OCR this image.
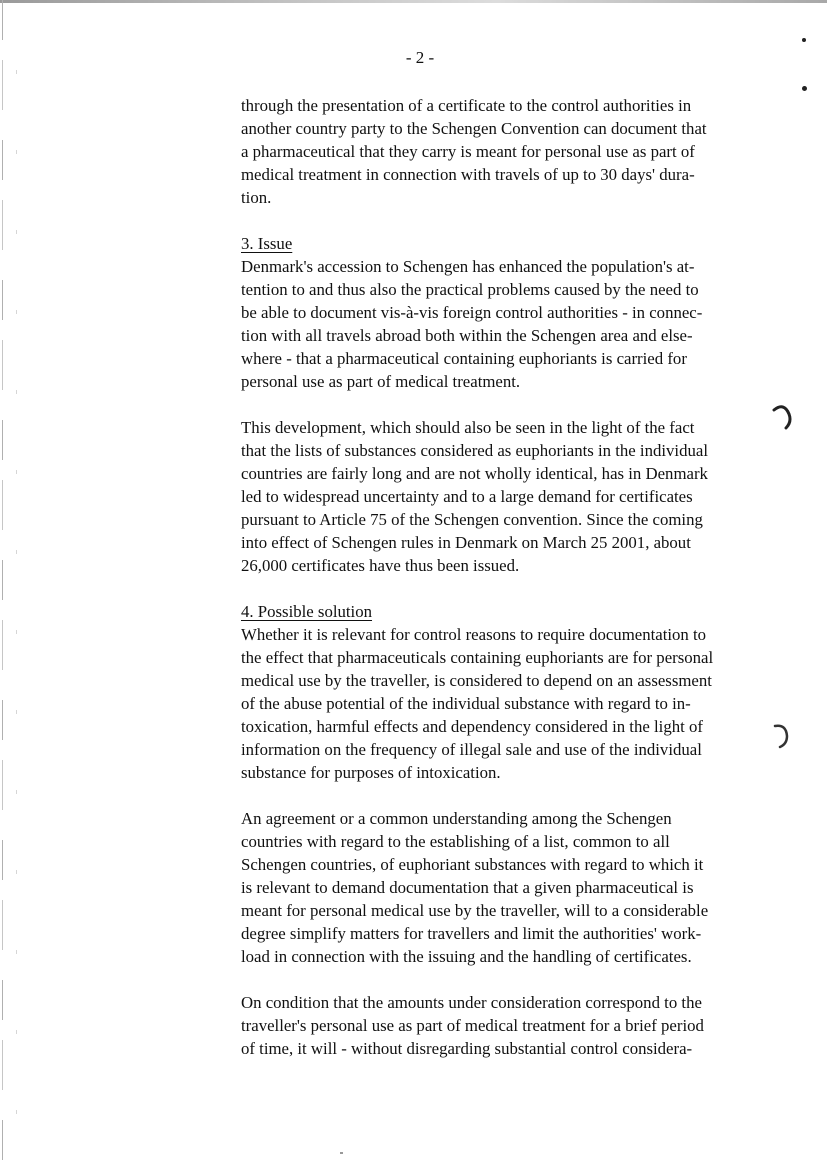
- 2 -
through the presentation of a certificate to the control authorities in
another country party to the Schengen Convention can document that
a pharmaceutical that they carry is meant for personal use as part of
medical treatment in connection with travels of up to 30 days' dura-
tion.
3. Issue
Denmark's accession to Schengen has enhanced the population's at-
tention to and thus also the practical problems caused by the need to
be able to document vis-à-vis foreign control authorities - in connec-
tion with all travels abroad both within the Schengen area and else-
where - that a pharmaceutical containing euphoriants is carried for
personal use as part of medical treatment.
This development, which should also be seen in the light of the fact
that the lists of substances considered as euphoriants in the individual
countries are fairly long and are not wholly identical, has in Denmark
led to widespread uncertainty and to a large demand for certificates
pursuant to Article 75 of the Schengen convention. Since the coming
into effect of Schengen rules in Denmark on March 25 2001, about
26,000 certificates have thus been issued.
4. Possible solution
Whether it is relevant for control reasons to require documentation to
the effect that pharmaceuticals containing euphoriants are for personal
medical use by the traveller, is considered to depend on an assessment
of the abuse potential of the individual substance with regard to in-
toxication, harmful effects and dependency considered in the light of
information on the frequency of illegal sale and use of the individual
substance for purposes of intoxication.
An agreement or a common understanding among the Schengen
countries with regard to the establishing of a list, common to all
Schengen countries, of euphoriant substances with regard to which it
is relevant to demand documentation that a given pharmaceutical is
meant for personal medical use by the traveller, will to a considerable
degree simplify matters for travellers and limit the authorities' work-
load in connection with the issuing and the handling of certificates.
On condition that the amounts under consideration correspond to the
traveller's personal use as part of medical treatment for a brief period
of time, it will - without disregarding substantial control considera-
